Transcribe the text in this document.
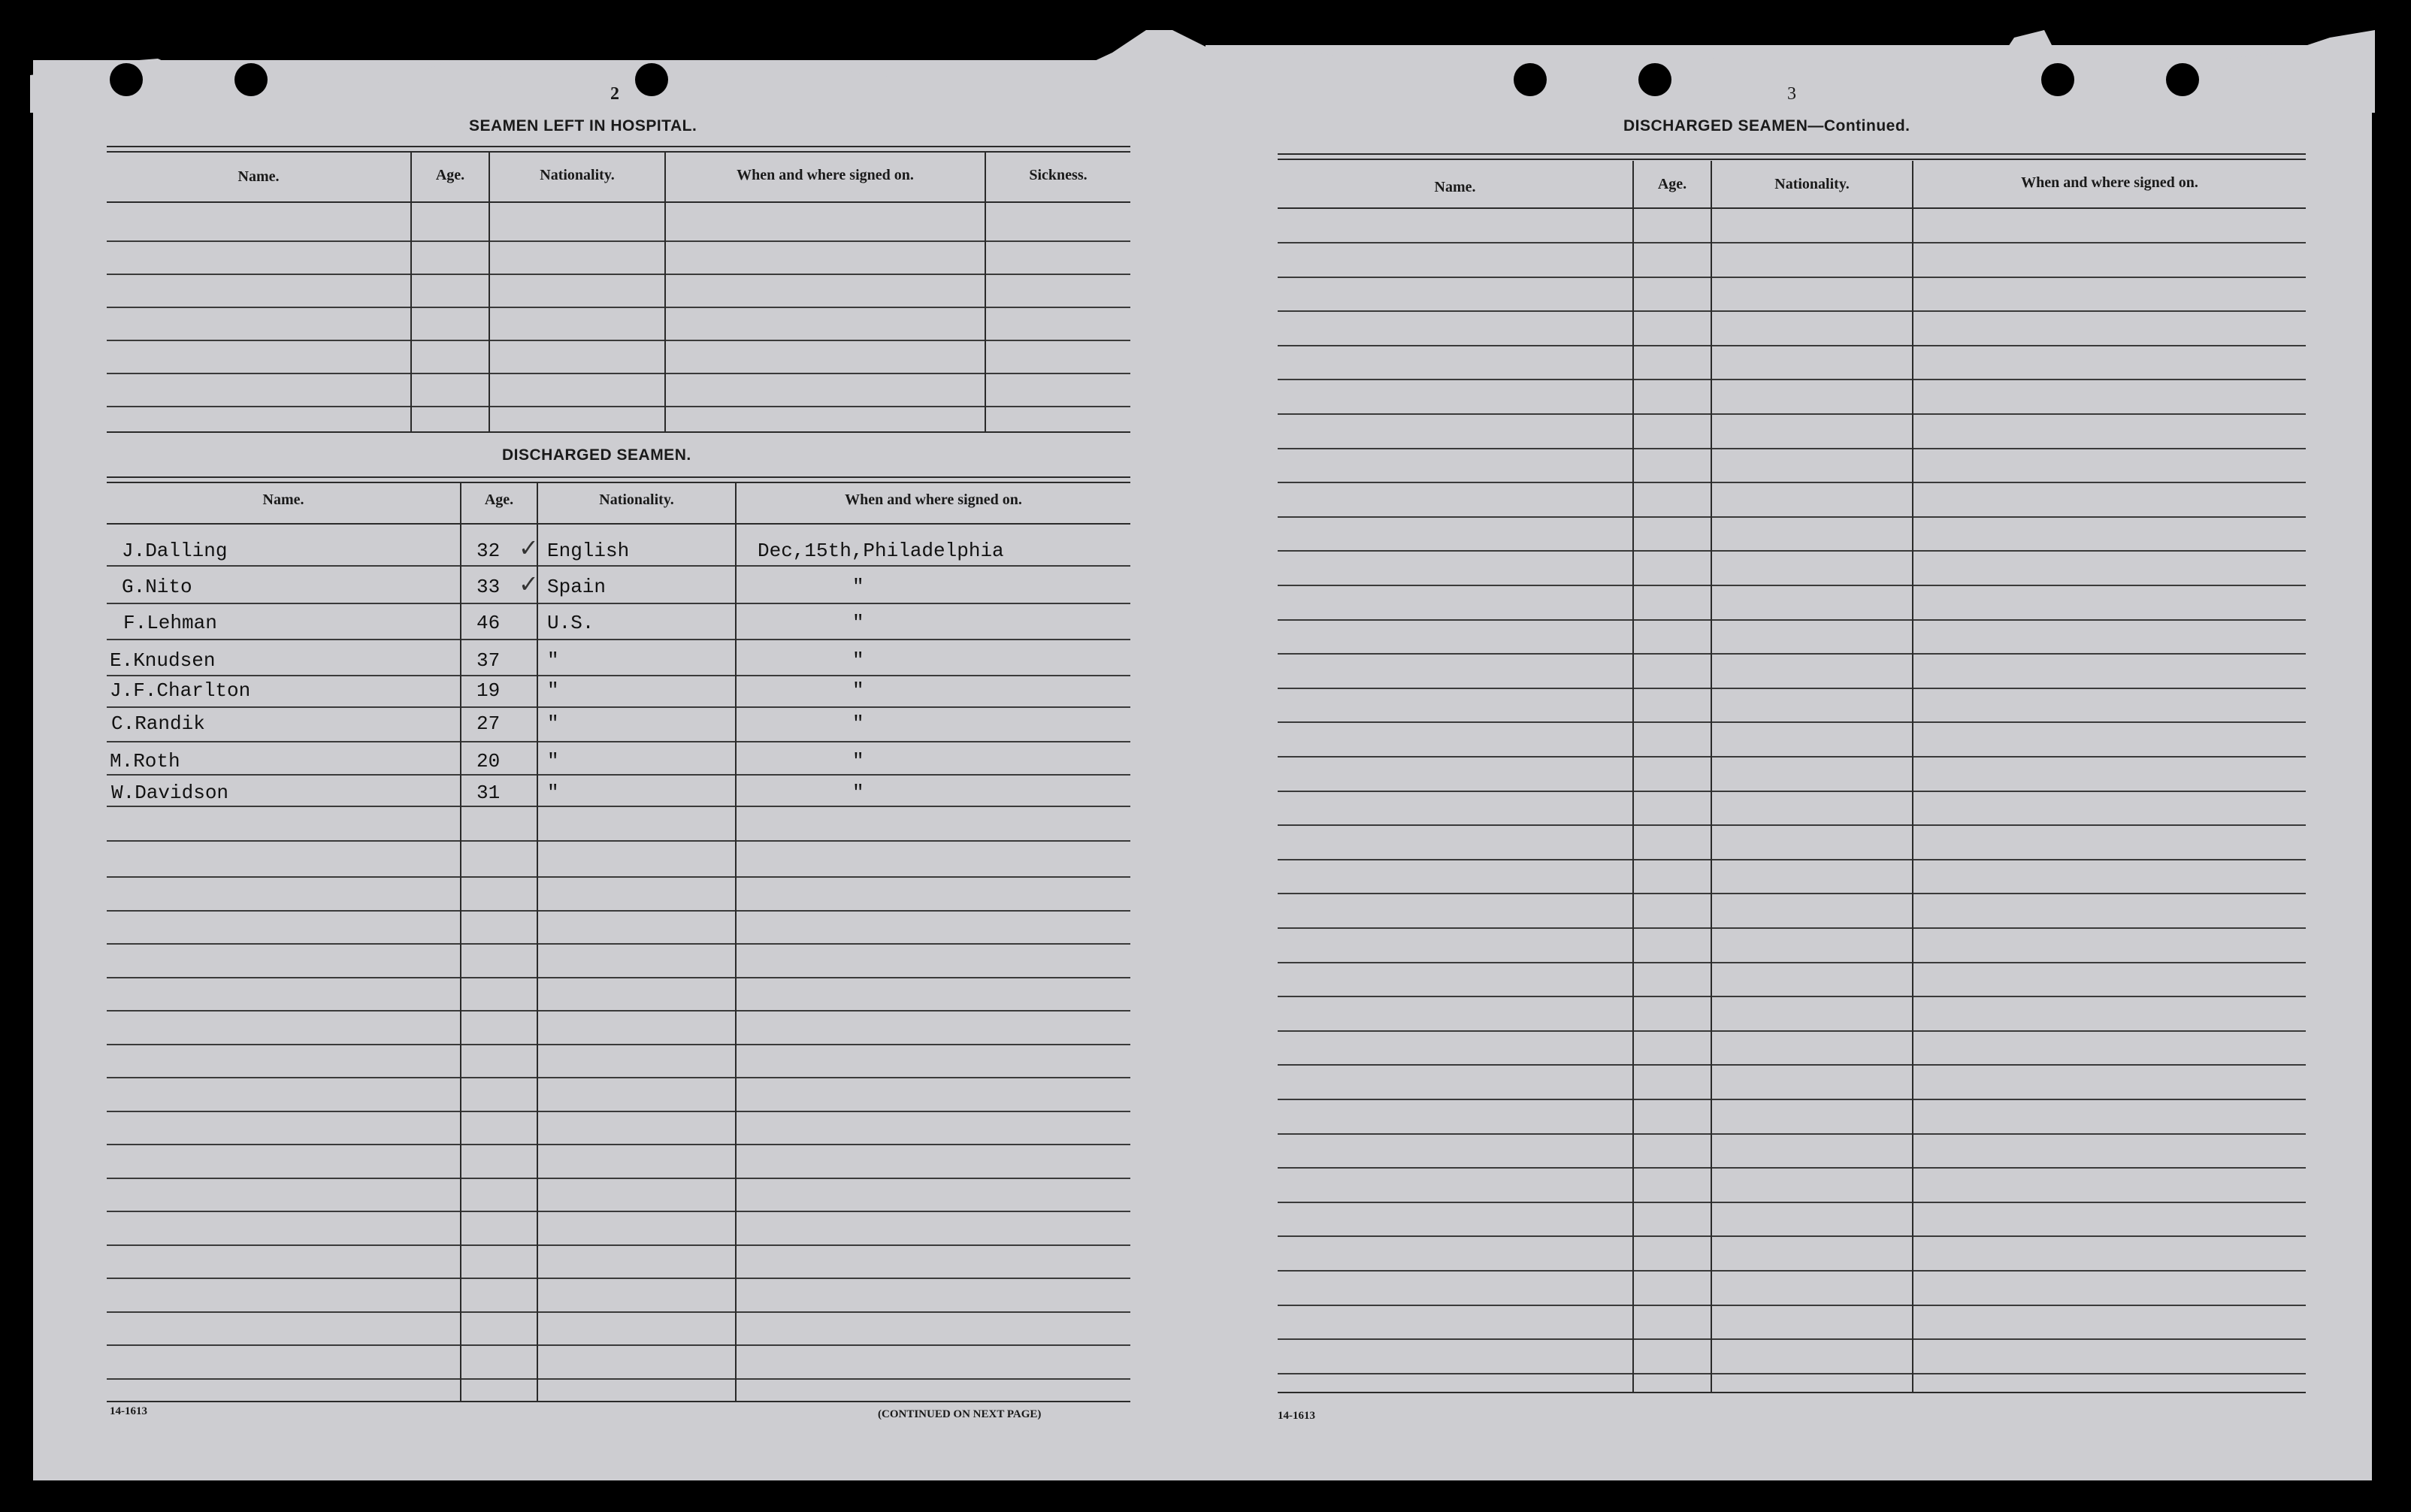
2
SEAMEN LEFT IN HOSPITAL.
Name.	Age.	Nationality.	When and where signed on.	Sickness.
DISCHARGED SEAMEN.
Name.	Age.	Nationality.	When and where signed on.
J.Dalling	32 English	Dec,15th,Philadelphia
✓
G.Nito	33 Spain	"
✓
F.Lehman	46 U.S.	"
E.Knudsen	37 "	"
J.F.Charlton	19 "	"
C.Randik	27 "	"
M.Roth	20 "	"
W.Davidson	31 "	"
14-1613	(CONTINUED ON NEXT PAGE)
3
DISCHARGED SEAMEN—Continued.
Name.	Age.	Nationality.	When and where signed on.
14-1613
